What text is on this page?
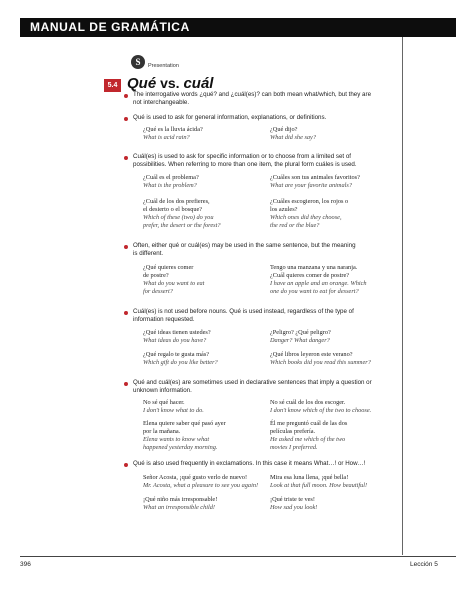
MANUAL DE GRAMÁTICA
S	Presentation
5.4 Qué vs. cuál
The interrogative words ¿qué? and ¿cuál(es)? can both mean what/which, but they are
not interchangeable.
Qué is used to ask for general information, explanations, or definitions.
¿Qué es la lluvia ácida?
What is acid rain?
¿Qué dijo?
What did she say?
Cuál(es) is used to ask for specific information or to choose from a limited set of
possibilities. When referring to more than one item, the plural form cuáles is used.
¿Cuál es el problema?
What is the problem?
¿Cuáles son tus animales favoritos?
What are your favorite animals?
¿Cuál de los dos prefieres,
el desierto o el bosque?
Which of these (two) do you
prefer, the desert or the forest?
¿Cuáles escogieron, los rojos o
los azules?
Which ones did they choose,
the red or the blue?
Often, either qué or cuál(es) may be used in the same sentence, but the meaning
is different.
¿Qué quieres comer
de postre?
What do you want to eat
for dessert?
Tengo una manzana y una naranja.
¿Cuál quieres comer de postre?
I have an apple and an orange. Which
one do you want to eat for dessert?
Cuál(es) is not used before nouns. Qué is used instead, regardless of the type of
information requested.
¿Qué ideas tienen ustedes?
What ideas do you have?
¿Peligro? ¿Qué peligro?
Danger? What danger?
¿Qué regalo te gusta más?
Which gift do you like better?
¿Qué libros leyeron este verano?
Which books did you read this summer?
Qué and cuál(es) are sometimes used in declarative sentences that imply a question or
unknown information.
No sé qué hacer.
I don't know what to do.
No sé cuál de los dos escoger.
I don't know which of the two to choose.
Elena quiere saber qué pasó ayer
por la mañana.
Elena wants to know what
happened yesterday morning.
Él me preguntó cuál de las dos
películas prefería.
He asked me which of the two
movies I preferred.
Qué is also used frequently in exclamations. In this case it means What…! or How…!
Señor Acosta, ¡qué gusto verlo de nuevo!
Mr. Acosta, what a pleasure to see you again!
Mira esa luna llena, ¡qué bella!
Look at that full moon. How beautiful!
¡Qué niño más irresponsable!
What an irresponsible child!
¡Qué triste te ves!
How sad you look!
396	Lección 5
